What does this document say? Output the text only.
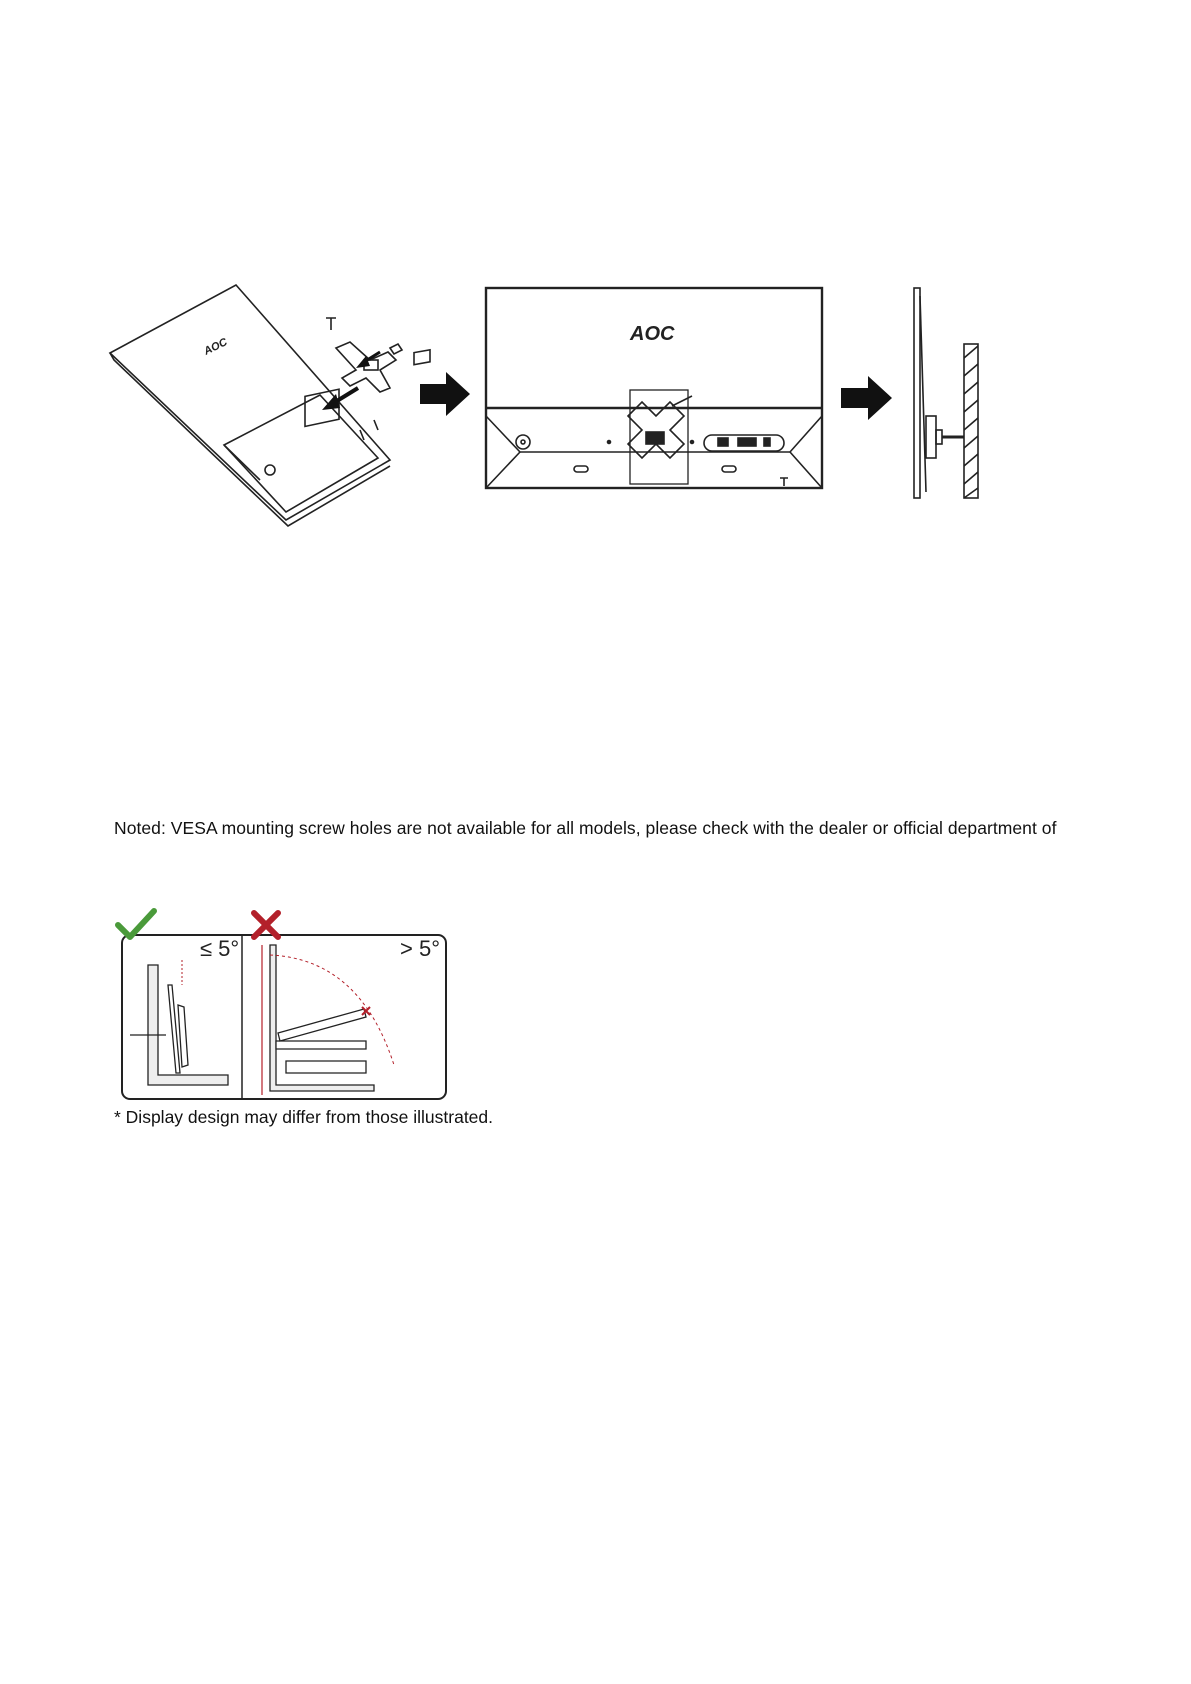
AOC
AOC
Noted: VESA mounting screw holes are not available for all models, please check with the dealer or official department of
≤ 5°	> 5°
* Display design may differ from those illustrated.
